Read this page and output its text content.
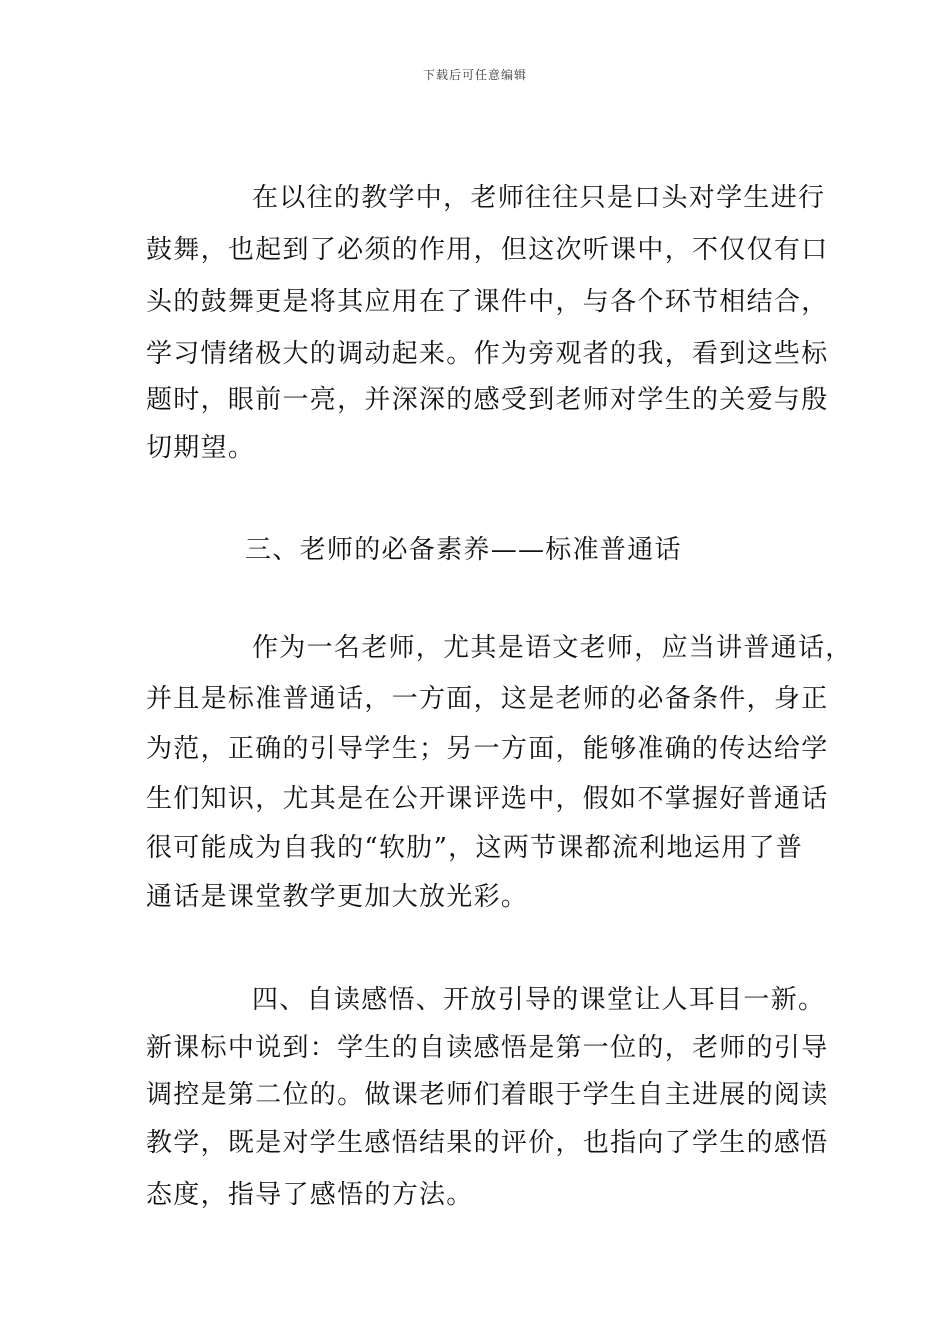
下载后可任意编辑
在以往的教学中，老师往往只是口头对学生进行
鼓舞，也起到了必须的作用，但这次听课中，不仅仅有口
头的鼓舞更是将其应用在了课件中，与各个环节相结合，
学习情绪极大的调动起来。作为旁观者的我，看到这些标
题时，眼前一亮，并深深的感受到老师对学生的关爱与殷
切期望。
三、老师的必备素养——标准普通话
作为一名老师，尤其是语文老师，应当讲普通话，
并且是标准普通话，一方面，这是老师的必备条件，身正
为范，正确的引导学生；另一方面，能够准确的传达给学
生们知识，尤其是在公开课评选中，假如不掌握好普通话
很可能成为自我的“软肋”，这两节课都流利地运用了普
通话是课堂教学更加大放光彩。
四、自读感悟、开放引导的课堂让人耳目一新。
新课标中说到：学生的自读感悟是第一位的，老师的引导
调控是第二位的。做课老师们着眼于学生自主进展的阅读
教学，既是对学生感悟结果的评价，也指向了学生的感悟
态度，指导了感悟的方法。
